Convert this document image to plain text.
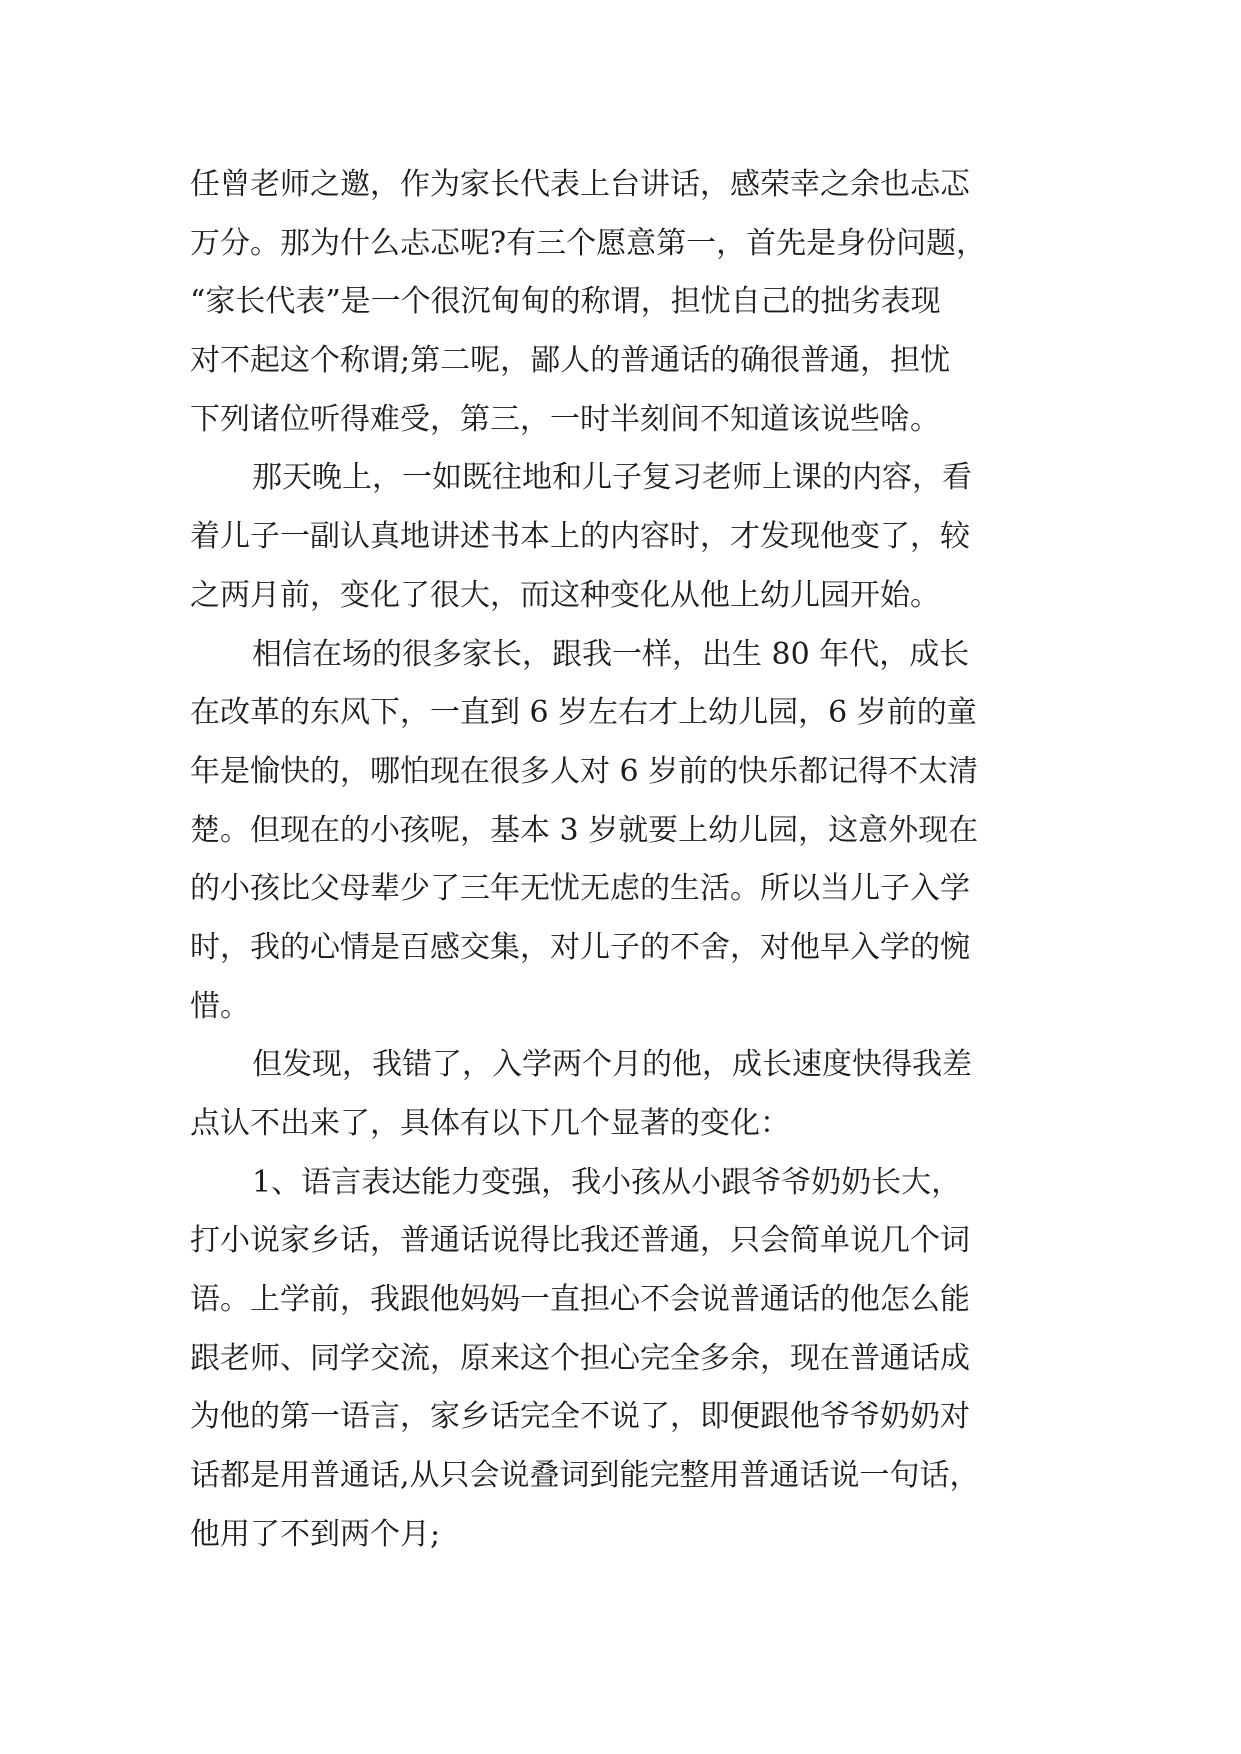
任曾老师之邀，作为家长代表上台讲话，感荣幸之余也忐忑
万分。那为什么忐忑呢?有三个愿意第一，首先是身份问题，
“家长代表”是一个很沉甸甸的称谓，担忧自己的拙劣表现
对不起这个称谓;第二呢，鄙人的普通话的确很普通，担忧
下列诸位听得难受，第三，一时半刻间不知道该说些啥。
那天晚上，一如既往地和儿子复习老师上课的内容，看
着儿子一副认真地讲述书本上的内容时，才发现他变了，较
之两月前，变化了很大，而这种变化从他上幼儿园开始。
相信在场的很多家长，跟我一样，出生 80 年代，成长
在改革的东风下，一直到 6 岁左右才上幼儿园，6 岁前的童
年是愉快的，哪怕现在很多人对 6 岁前的快乐都记得不太清
楚。但现在的小孩呢，基本 3 岁就要上幼儿园，这意外现在
的小孩比父母辈少了三年无忧无虑的生活。所以当儿子入学
时，我的心情是百感交集，对儿子的不舍，对他早入学的惋
惜。
但发现，我错了，入学两个月的他，成长速度快得我差
点认不出来了，具体有以下几个显著的变化：
1、语言表达能力变强，我小孩从小跟爷爷奶奶长大，
打小说家乡话，普通话说得比我还普通，只会简单说几个词
语。上学前，我跟他妈妈一直担心不会说普通话的他怎么能
跟老师、同学交流，原来这个担心完全多余，现在普通话成
为他的第一语言，家乡话完全不说了，即便跟他爷爷奶奶对
话都是用普通话,从只会说叠词到能完整用普通话说一句话，
他用了不到两个月;
